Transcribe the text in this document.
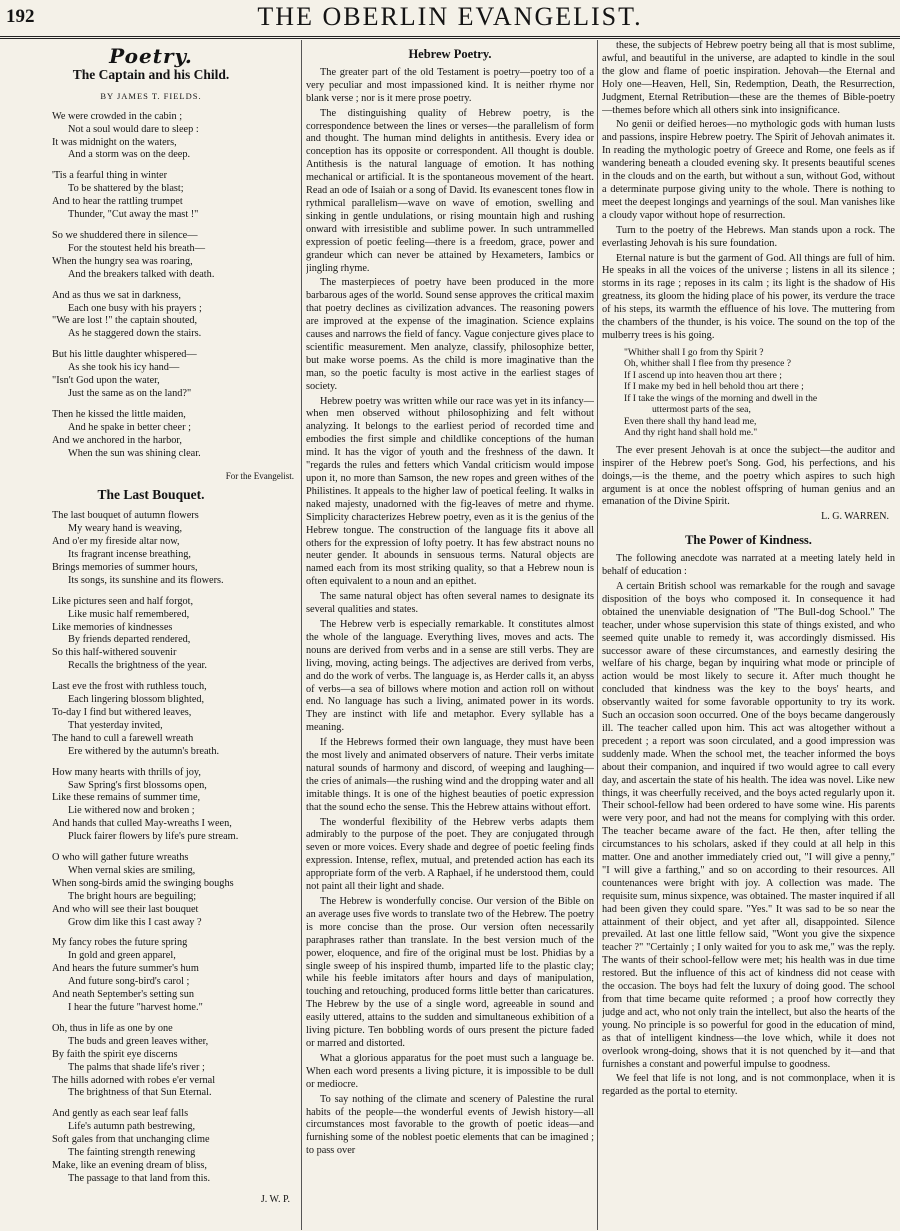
192	THE OBERLIN EVANGELIST.
Poetry.
The Captain and his Child.
BY JAMES T. FIELDS.
We were crowded in the cabin ;
Not a soul would dare to sleep :
It was midnight on the waters,
And a storm was on the deep.
'Tis a fearful thing in winter
To be shattered by the blast;
And to hear the rattling trumpet
Thunder, "Cut away the mast !"
So we shuddered there in silence—
For the stoutest held his breath—
When the hungry sea was roaring,
And the breakers talked with death.
And as thus we sat in darkness,
Each one busy with his prayers ;
"We are lost !" the captain shouted,
As he staggered down the stairs.
But his little daughter whispered—
As she took his icy hand—
"Isn't God upon the water,
Just the same as on the land?"
Then he kissed the little maiden,
And he spake in better cheer ;
And we anchored in the harbor,
When the sun was shining clear.
For the Evangelist.
The Last Bouquet.
The last bouquet of autumn flowers
My weary hand is weaving,
And o'er my fireside altar now,
Its fragrant incense breathing,
Brings memories of summer hours,
Its songs, its sunshine and its flowers.
Like pictures seen and half forgot,
Like music half remembered,
Like memories of kindnesses
By friends departed rendered,
So this half-withered souvenir
Recalls the brightness of the year.
Last eve the frost with ruthless touch,
Each lingering blossom blighted,
To-day I find but withered leaves,
That yesterday invited,
The hand to cull a farewell wreath
Ere withered by the autumn's breath.
How many hearts with thrills of joy,
Saw Spring's first blossoms open,
Like these remains of summer time,
Lie withered now and broken ;
And hands that culled May-wreaths I ween,
Pluck fairer flowers by life's pure stream.
O who will gather future wreaths
When vernal skies are smiling,
When song-birds amid the swinging boughs
The bright hours are beguiling;
And who will see their last bouquet
Grow dim like this I cast away ?
My fancy robes the future spring
In gold and green apparel,
And hears the future summer's hum
And future song-bird's carol ;
And neath September's setting sun
I hear the future "harvest home."
Oh, thus in life as one by one
The buds and green leaves wither,
By faith the spirit eye discerns
The palms that shade life's river ;
The hills adorned with robes e'er vernal
The brightness of that Sun Eternal.
And gently as each sear leaf falls
Life's autumn path bestrewing,
Soft gales from that unchanging clime
The fainting strength renewing
Make, like an evening dream of bliss,
The passage to that land from this.
J. W. P.
Hebrew Poetry.

The greater part of the old Testament is poetry—poetry too of a very peculiar and most impassioned kind. It is neither rhyme nor blank verse ; nor is it mere prose poetry.

The distinguishing quality of Hebrew poetry, is the correspondence between the lines or verses—the parallelism of form and thought. The human mind delights in antithesis. Every idea or conception has its opposite or correspondent. All thought is double. Antithesis is the natural language of emotion. It has nothing mechanical or artificial. It is the spontaneous movement of the heart. Read an ode of Isaiah or a song of David. Its evanescent tones flow in rythmical parallelism—wave on wave of emotion, swelling and sinking in gentle undulations, or rising mountain high and rushing onward with irresistible and sublime power. In such untrammelled expression of poetic feeling—there is a freedom, grace, power and grandeur which can never be attained by Hexameters, Iambics or jingling rhyme.

The masterpieces of poetry have been produced in the more barbarous ages of the world. Sound sense approves the critical maxim that poetry declines as civilization advances. The reasoning powers are improved at the expense of the imagination. Science explains causes and narrows the field of fancy. Vague conjecture gives place to scientific measurement. Men analyze, classify, philosophize better, but make worse poems. As the child is more imaginative than the man, so the poetic faculty is most active in the earliest stages of society.

Hebrew poetry was written while our race was yet in its infancy—when men observed without philosophizing and felt without analyzing. It belongs to the earliest period of recorded time and embodies the first simple and childlike conceptions of the human mind. It has the vigor of youth and the freshness of the dawn. It "regards the rules and fetters which Vandal criticism would impose upon it, no more than Samson, the new ropes and green withes of the Philistines. It appeals to the higher law of poetical feeling. It walks in naked majesty, unadorned with the fig-leaves of metre and rhyme. Simplicity characterizes Hebrew poetry, even as it is the genius of the Hebrew tongue. The construction of the language fits it above all others for the expression of lofty poetry. It has few abstract nouns no neuter gender. It abounds in sensuous terms. Natural objects are named each from its most striking quality, so that a Hebrew noun is often equivalent to a noun and an epithet.

The same natural object has often several names to designate its several qualities and states.

The Hebrew verb is especially remarkable. It constitutes almost the whole of the language. Everything lives, moves and acts. The nouns are derived from verbs and in a sense are still verbs. They are living, moving, acting beings. The adjectives are derived from verbs, and do the work of verbs. The language is, as Herder calls it, an abyss of verbs—a sea of billows where motion and action roll on without end. No language has such a living, animated power in its words. They are instinct with life and metaphor. Every syllable has a meaning.

If the Hebrews formed their own language, they must have been the most lively and animated observers of nature. Their verbs imitate natural sounds of harmony and discord, of weeping and laughing—the cries of animals—the rushing wind and the dropping water and all imitable things. It is one of the highest beauties of poetic expression that the sound echo the sense. This the Hebrew attains without effort.

The wonderful flexibility of the Hebrew verbs adapts them admirably to the purpose of the poet. They are conjugated through seven or more voices. Every shade and degree of poetic feeling finds expression. Intense, reflex, mutual, and pretended action has each its appropriate form of the verb. A Raphael, if he understood them, could not paint all their light and shade.

The Hebrew is wonderfully concise. Our version of the Bible on an average uses five words to translate two of the Hebrew. The poetry is more concise than the prose. Our version often necessarily paraphrases rather than translate. In the best version much of the power, eloquence, and fire of the original must be lost. Phidias by a single sweep of his inspired thumb, imparted life to the plastic clay; while his feeble imitators after hours and days of manipulation, touching and retouching, produced forms little better than caricatures. The Hebrew by the use of a single word, agreeable in sound and easily uttered, attains to the sudden and simultaneous exhibition of a living picture. Ten bobbling words of ours present the picture faded or marred and distorted.

What a glorious apparatus for the poet must such a language be. When each word presents a living picture, it is impossible to be dull or mediocre.

To say nothing of the climate and scenery of Palestine the rural habits of the people—the wonderful events of Jewish history—all circumstances most favorable to the growth of poetic ideas—and furnishing some of the noblest poetic elements that can be imagined ; to pass over

these, the subjects of Hebrew poetry being all that is most sublime, awful, and beautiful in the universe, are adapted to kindle in the soul the glow and flame of poetic inspiration. Jehovah—the Eternal and Holy one—Heaven, Hell, Sin, Redemption, Death, the Resurrection, Judgment, Eternal Retribution—these are the themes of Bible-poetry —themes before which all others sink into insignificance.

No genii or deified heroes—no mythologic gods with human lusts and passions, inspire Hebrew poetry. The Spirit of Jehovah animates it. In reading the mythologic poetry of Greece and Rome, one feels as if wandering beneath a clouded evening sky. It presents beautiful scenes in the clouds and on the earth, but without a sun, without God, without a determinate purpose giving unity to the whole. There is nothing to meet the deepest longings and yearnings of the soul. Man vanishes like a cloudy vapor without hope of resurrection.

Turn to the poetry of the Hebrews. Man stands upon a rock. The everlasting Jehovah is his sure foundation.

Eternal nature is but the garment of God. All things are full of him. He speaks in all the voices of the universe ; listens in all its silence ; storms in its rage ; reposes in its calm ; its light is the shadow of His greatness, its gloom the hiding place of his power, its verdure the trace of his steps, its warmth the effluence of his love. The muttering from the chambers of the thunder, is his voice. The sound on the top of the mulberry trees is his going.

"Whither shall I go from thy Spirit ?
Oh, whither shall I flee from thy presence ?
If I ascend up into heaven thou art there ;
If I make my bed in hell behold thou art there ;
If I take the wings of the morning and dwell in the
uttermost parts of the sea,
Even there shall thy hand lead me,
And thy right hand shall hold me."

The ever present Jehovah is at once the subject—the auditor and inspirer of the Hebrew poet's Song. God, his perfections, and his doings,—is the theme, and the poetry which aspires to such high argument is at once the noblest offspring of human genius and an emanation of the Divine Spirit.

L. G. WARREN.
The Power of Kindness.

The following anecdote was narrated at a meeting lately held in behalf of education :

A certain British school was remarkable for the rough and savage disposition of the boys who composed it. In consequence it had obtained the unenviable designation of "The Bull-dog School." The teacher, under whose supervision this state of things existed, and who seemed quite unable to remedy it, was accordingly dismissed. His successor aware of these circumstances, and earnestly desiring the welfare of his charge, began by inquiring what mode or principle of action would be most likely to secure it. After much thought he concluded that kindness was the key to the boys' hearts, and observantly waited for some favorable opportunity to try its work. Such an occasion soon occurred. One of the boys became dangerously ill. The teacher called upon him. This act was altogether without a precedent ; a report was soon circulated, and a good impression was suddenly made. When the school met, the teacher informed the boys about their companion, and inquired if two would agree to call every day, and ascertain the state of his health. The idea was novel. Like new things, it was cheerfully received, and the boys acted regularly upon it. Their school-fellow had been ordered to have some wine. His parents were very poor, and had not the means for complying with this order. The teacher became aware of the fact. He then, after telling the circumstances to his scholars, asked if they could at all help in this matter. One and another immediately cried out, "I will give a penny," "I will give a farthing," and so on according to their resources. All countenances were bright with joy. A collection was made. The requisite sum, minus sixpence, was obtained. The master inquired if all had been given they could spare. "Yes." It was sad to be so near the attainment of their object, and yet after all, disappointed. Silence prevailed. At last one little fellow said, "Wont you give the sixpence teacher ?" "Certainly ; I only waited for you to ask me," was the reply. The wants of their school-fellow were met; his health was in due time restored. But the influence of this act of kindness did not cease with the occasion. The boys had felt the luxury of doing good. The school from that time became quite reformed ; a proof how correctly they judge and act, who not only train the intellect, but also the hearts of the young. No principle is so powerful for good in the education of mind, as that of intelligent kindness—the love which, while it does not overlook wrong-doing, shows that it is not quenched by it—and that furnishes a constant and powerful impulse to goodness.

We feel that life is not long, and is not commonplace, when it is regarded as the portal to eternity.
